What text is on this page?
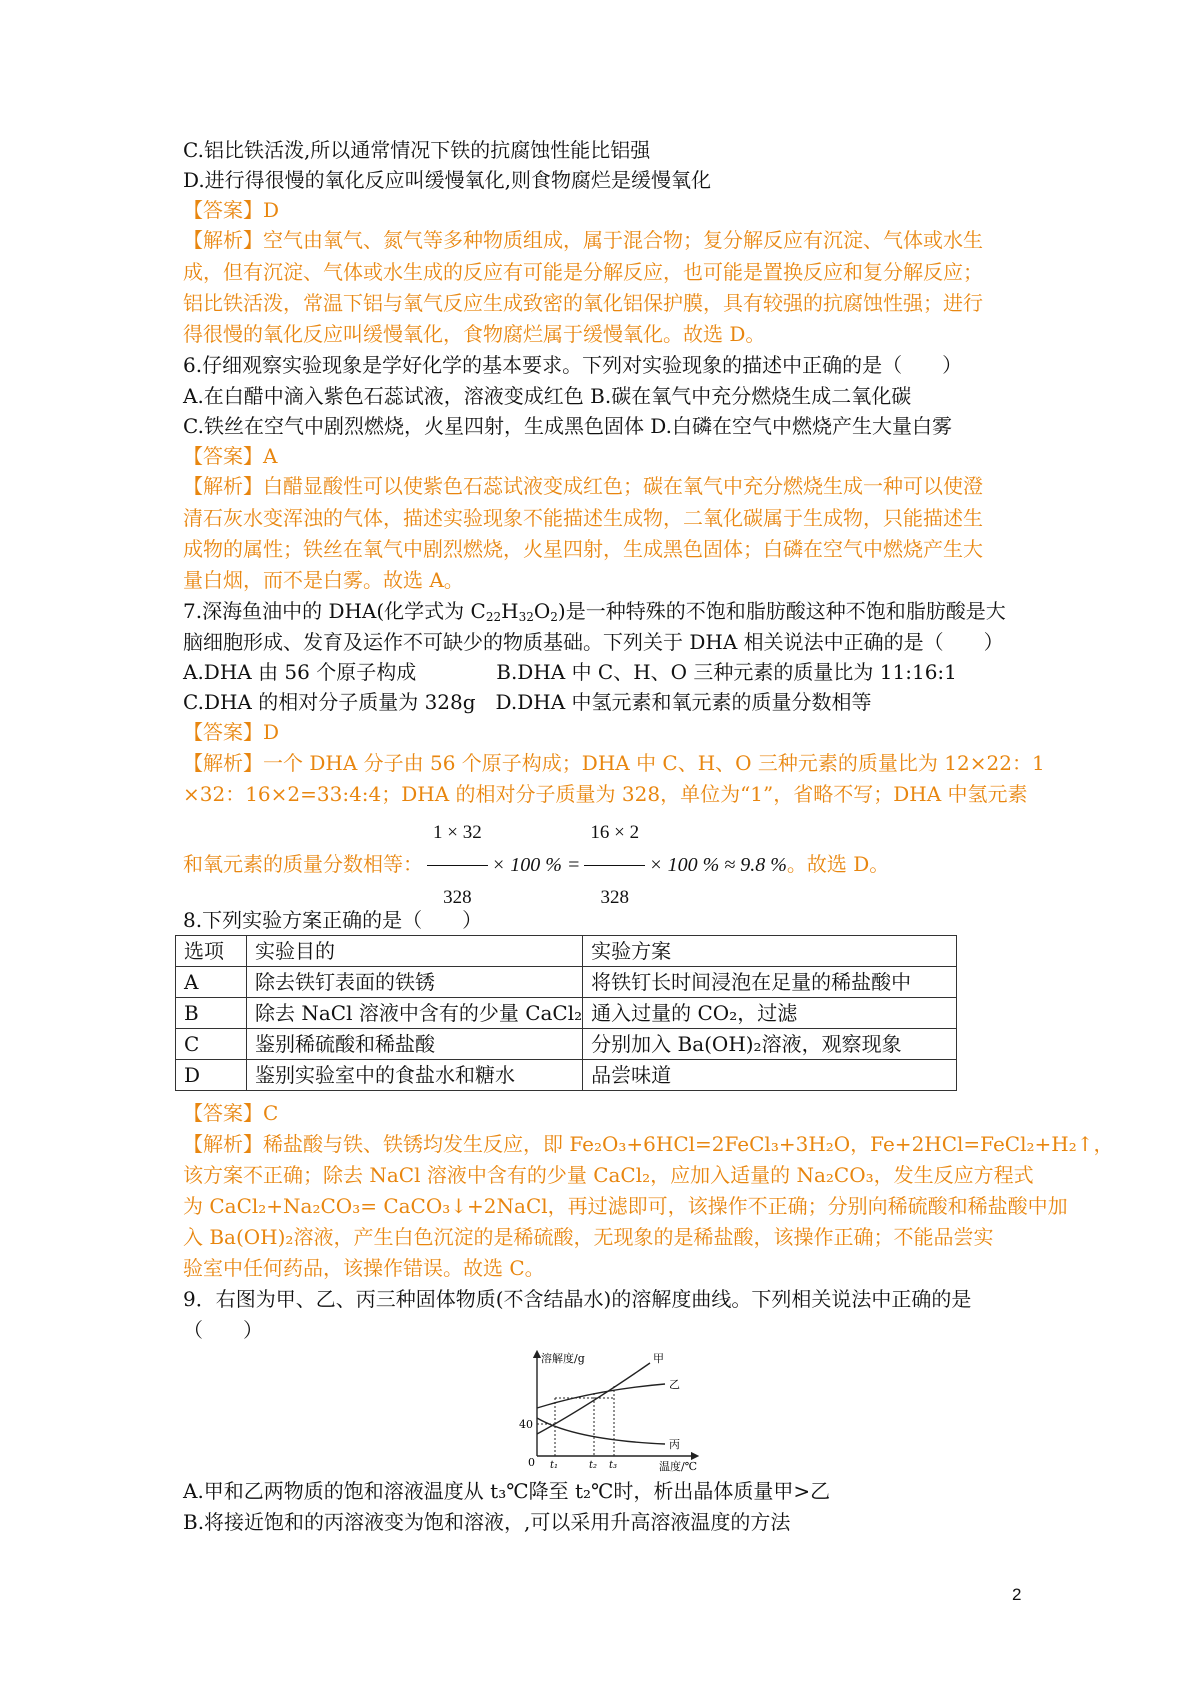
C.铝比铁活泼,所以通常情况下铁的抗腐蚀性能比铝强
D.进行得很慢的氧化反应叫缓慢氧化,则食物腐烂是缓慢氧化
【答案】D
【解析】空气由氧气、氮气等多种物质组成，属于混合物；复分解反应有沉淀、气体或水生
成，但有沉淀、气体或水生成的反应有可能是分解反应，也可能是置换反应和复分解反应；
铝比铁活泼，常温下铝与氧气反应生成致密的氧化铝保护膜，具有较强的抗腐蚀性强；进行
得很慢的氧化反应叫缓慢氧化，食物腐烂属于缓慢氧化。故选 D。
6.仔细观察实验现象是学好化学的基本要求。下列对实验现象的描述中正确的是（　　）
A.在白醋中滴入紫色石蕊试液，溶液变成红色 B.碳在氧气中充分燃烧生成二氧化碳
C.铁丝在空气中剧烈燃烧，火星四射，生成黑色固体 D.白磷在空气中燃烧产生大量白雾
【答案】A
【解析】白醋显酸性可以使紫色石蕊试液变成红色；碳在氧气中充分燃烧生成一种可以使澄
清石灰水变浑浊的气体，描述实验现象不能描述生成物，二氧化碳属于生成物，只能描述生
成物的属性；铁丝在氧气中剧烈燃烧，火星四射，生成黑色固体；白磷在空气中燃烧产生大
量白烟，而不是白雾。故选 A。
7.深海鱼油中的 DHA(化学式为 $C_{22}H_{32}O_2$)是一种特殊的不饱和脂肪酸这种不饱和脂肪酸是大
脑细胞形成、发育及运作不可缺少的物质基础。下列关于 DHA 相关说法中正确的是（　　）
A.DHA 由 56 个原子构成　　　　B.DHA 中 C、H、O 三种元素的质量比为 11:16:1
C.DHA 的相对分子质量为 328g　D.DHA 中氢元素和氧元素的质量分数相等
【答案】D
【解析】一个 DHA 分子由 56 个原子构成；DHA 中 C、H、O 三种元素的质量比为 12×22：1
×32：16×2=33:4:4；DHA 的相对分子质量为 328，单位为“1”，省略不写；DHA 中氢元素
和氧元素的质量分数相等： $\frac{1 \times 32}{328} \times 100$ % = $\frac{16 \times 2}{328} \times 100$ % ≈ 9.8 %。故选 D。
8.下列实验方案正确的是（　　）
选项	实验目的	实验方案
A	除去铁钉表面的铁锈	将铁钉长时间浸泡在足量的稀盐酸中
B	除去 NaCl 溶液中含有的少量 CaCl₂	通入过量的 CO₂，过滤
C	鉴别稀硫酸和稀盐酸	分别加入 Ba(OH)₂溶液，观察现象
D	鉴别实验室中的食盐水和糖水	品尝味道
【答案】C
【解析】稀盐酸与铁、铁锈均发生反应，即 Fe₂O₃+6HCl=2FeCl₃+3H₂O，Fe+2HCl=FeCl₂+H₂↑，
该方案不正确；除去 NaCl 溶液中含有的少量 CaCl₂，应加入适量的 Na₂CO₃，发生反应方程式
为 CaCl₂+Na₂CO₃= CaCO₃↓+2NaCl，再过滤即可，该操作不正确；分别向稀硫酸和稀盐酸中加
入 Ba(OH)₂溶液，产生白色沉淀的是稀硫酸，无现象的是稀盐酸，该操作正确；不能品尝实
验室中任何药品，该操作错误。故选 C。
9．右图为甲、乙、丙三种固体物质(不含结晶水)的溶解度曲线。下列相关说法中正确的是
（　　）
溶解度/g
温度/℃
0
40
t₁	t₂ t₃
甲
乙
丙
A.甲和乙两物质的饱和溶液温度从 t₃℃降至 t₂℃时，析出晶体质量甲>乙
B.将接近饱和的丙溶液变为饱和溶液，,可以采用升高溶液温度的方法
2
